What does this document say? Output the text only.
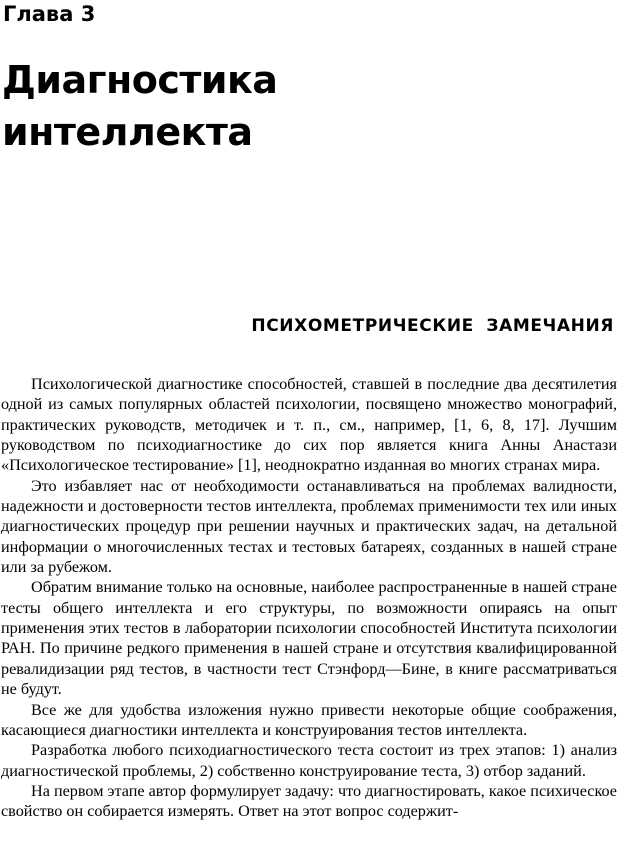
Глава 3
Диагностика
интеллекта
ПСИХОМЕТРИЧЕСКИЕ ЗАМЕЧАНИЯ

Психологической диагностике способностей, ставшей в последние два десятилетия одной из самых популярных областей психологии, посвящено множество монографий, практических руководств, методичек и т. п., см., например, [1, 6, 8, 17]. Лучшим руководством по психодиагностике до сих пор является книга Анны Анастази «Психологическое тестирование» [1], неоднократно изданная во многих странах мира.

Это избавляет нас от необходимости останавливаться на проблемах валидности, надежности и достоверности тестов интеллекта, проблемах применимости тех или иных диагностических процедур при решении научных и практических задач, на детальной информации о многочисленных тестах и тестовых батареях, созданных в нашей стране или за рубежом.

Обратим внимание только на основные, наиболее распространенные в нашей стране тесты общего интеллекта и его структуры, по возможности опираясь на опыт применения этих тестов в лаборатории психологии способностей Института психологии РАН. По причине редкого применения в нашей стране и отсутствия квалифицированной ревалидизации ряд тестов, в частности тест Стэнфорд—Бине, в книге рассматриваться не будут.

Все же для удобства изложения нужно привести некоторые общие соображения, касающиеся диагностики интеллекта и конструирования тестов интеллекта.

Разработка любого психодиагностического теста состоит из трех этапов: 1) анализ диагностической проблемы, 2) собственно конструирование теста, 3) отбор заданий.

На первом этапе автор формулирует задачу: что диагностировать, какое психическое свойство он собирается измерять. Ответ на этот вопрос содержит-
